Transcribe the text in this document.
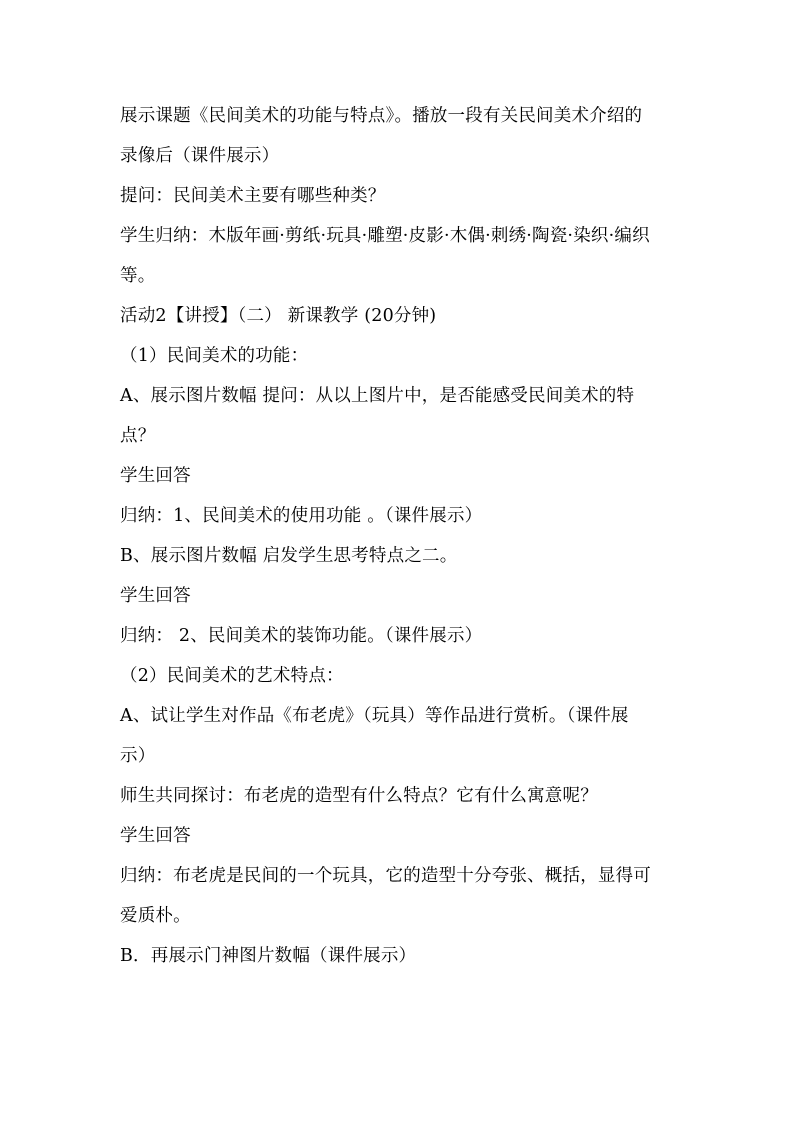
展示课题《民间美术的功能与特点》。播放一段有关民间美术介绍的
录像后（课件展示）
提问：民间美术主要有哪些种类？
学生归纳：木版年画·剪纸·玩具·雕塑·皮影·木偶·刺绣·陶瓷·染织·编织
等。
活动2【讲授】（二） 新课教学 (20分钟)
（1）民间美术的功能：
A、展示图片数幅 提问：从以上图片中，是否能感受民间美术的特
点？
学生回答
归纳：1、民间美术的使用功能 。（课件展示）
B、展示图片数幅 启发学生思考特点之二。
学生回答
归纳： 2、民间美术的装饰功能。（课件展示）
（2）民间美术的艺术特点：
A、试让学生对作品《布老虎》（玩具）等作品进行赏析。（课件展
示）
师生共同探讨：布老虎的造型有什么特点？它有什么寓意呢？
学生回答
归纳：布老虎是民间的一个玩具，它的造型十分夸张、概括，显得可
爱质朴。
B．再展示门神图片数幅（课件展示）
